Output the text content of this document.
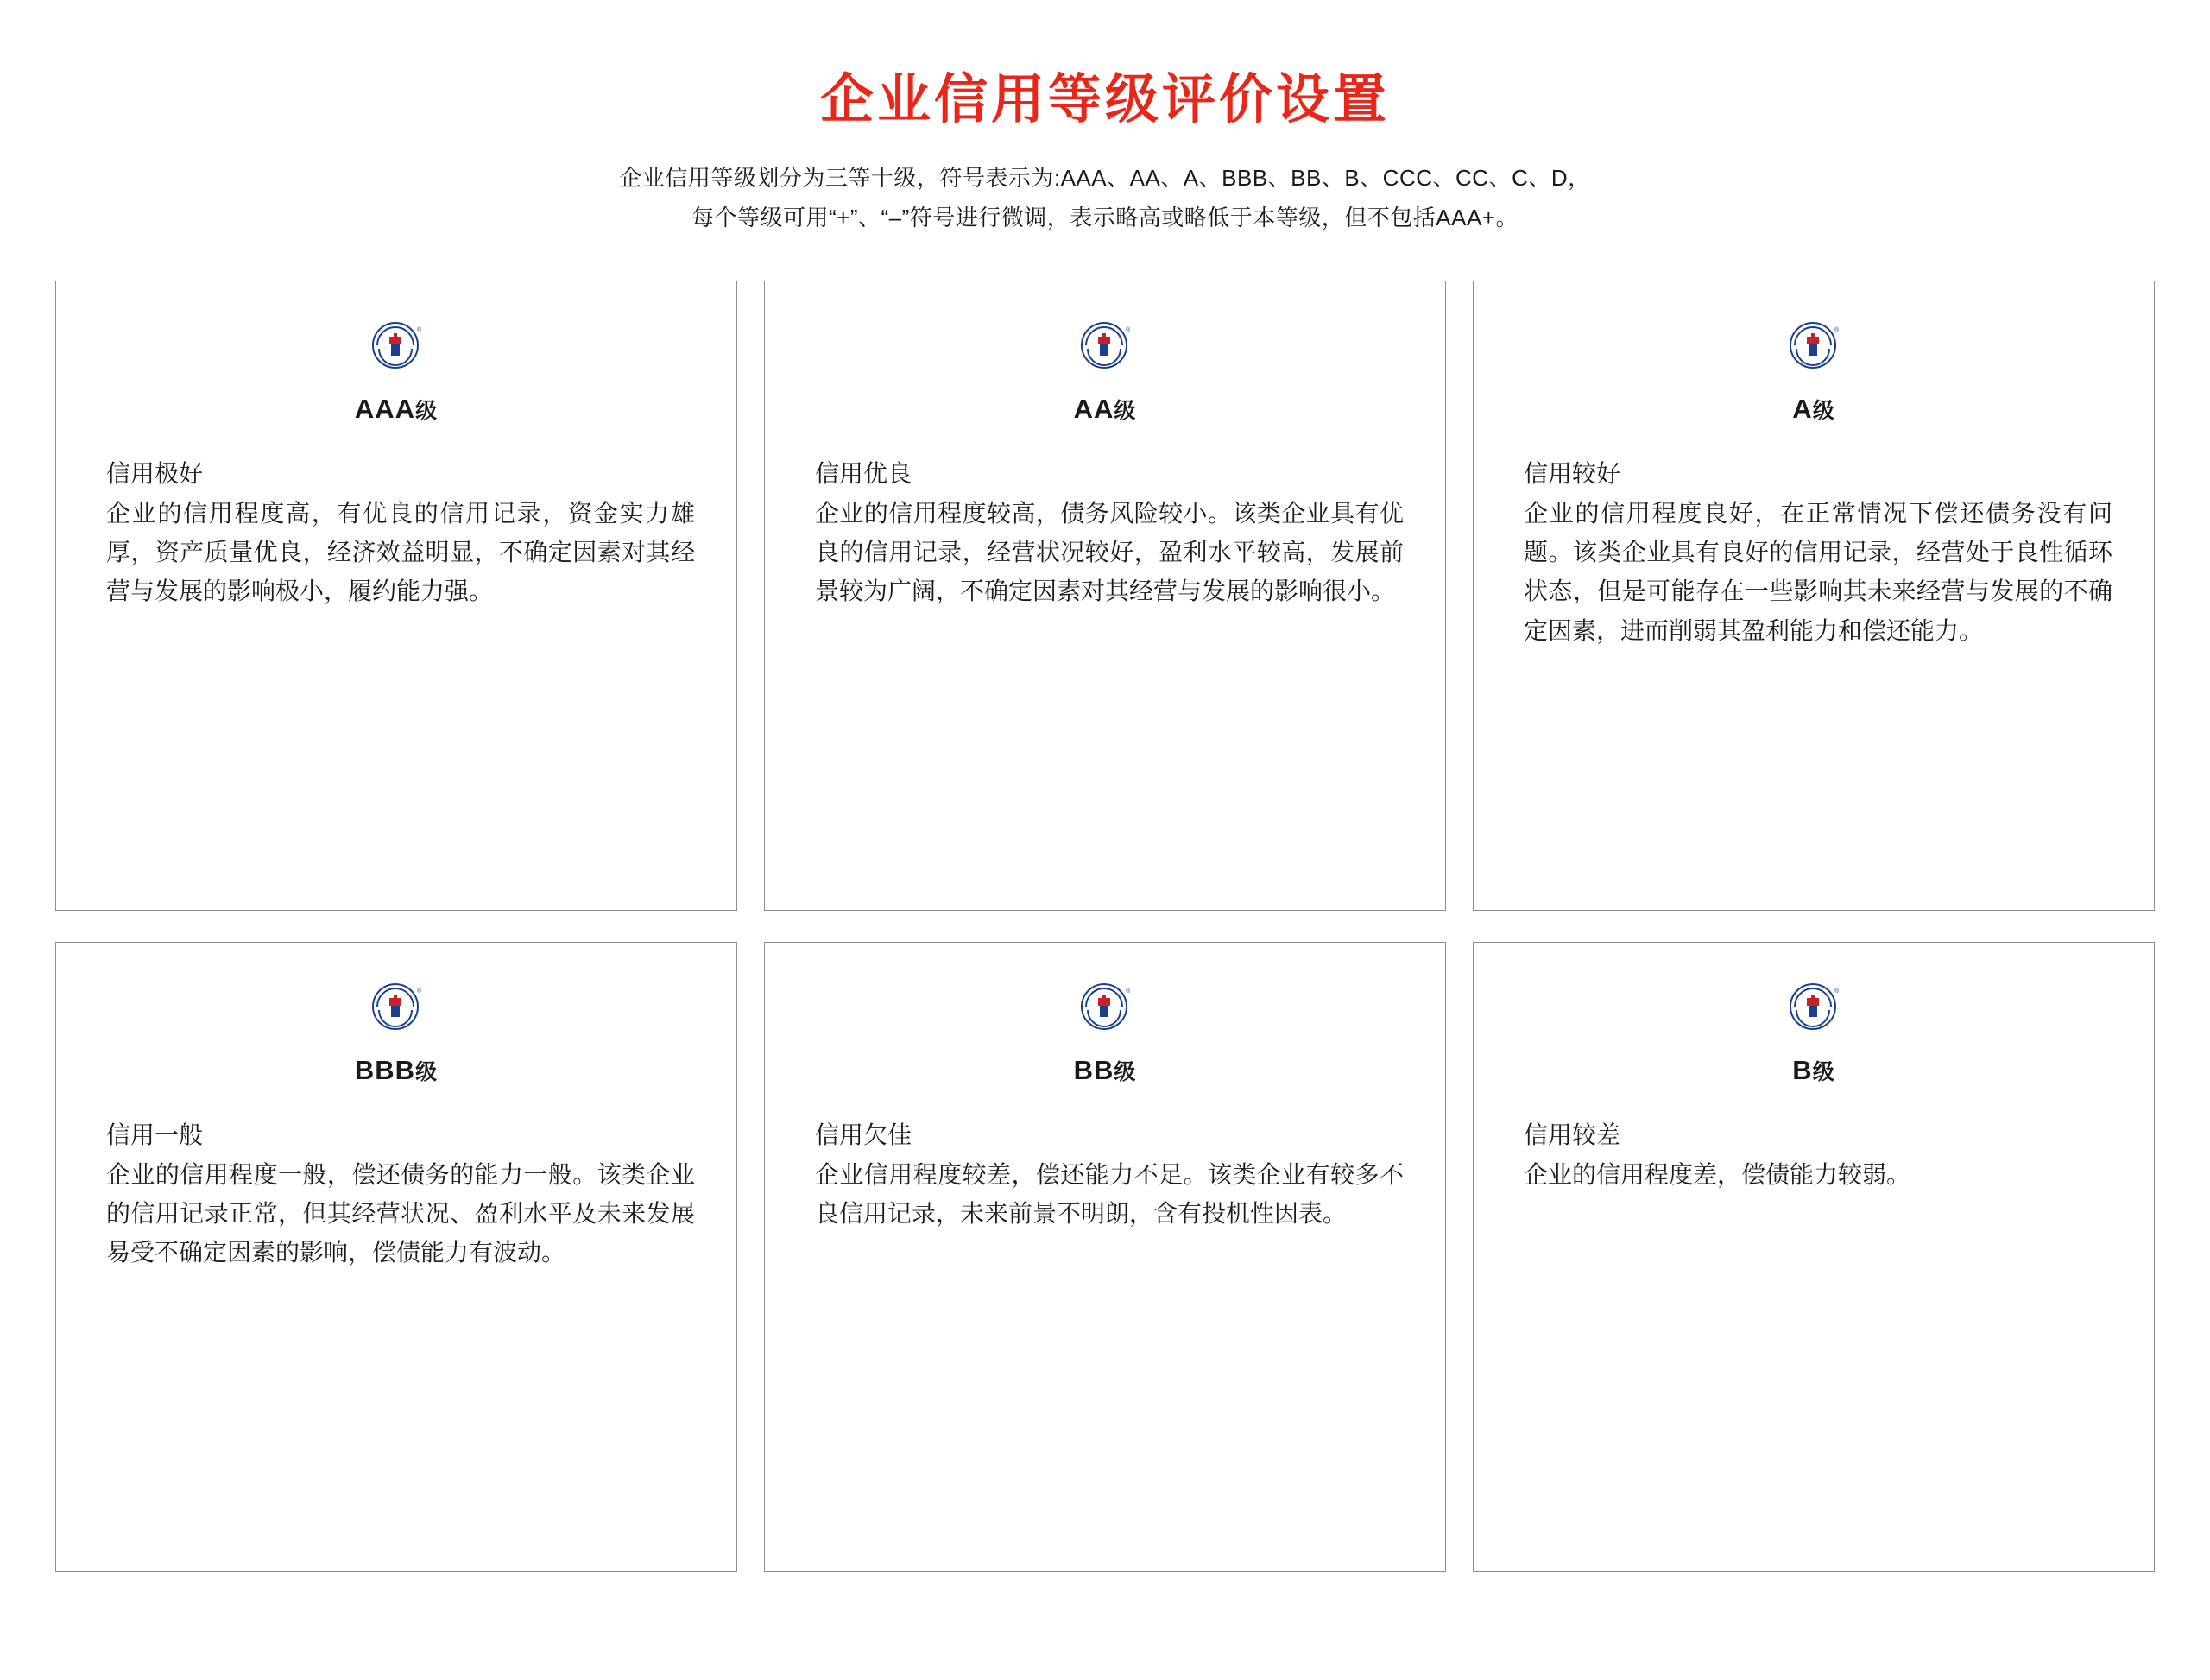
企业信用等级评价设置

企业信用等级划分为三等十级，符号表示为:AAA、AA、A、BBB、BB、B、CCC、CC、C、D，
每个等级可用“+”、“–”符号进行微调，表示略高或略低于本等级，但不包括AAA+。

®
AAA级

信用极好

企业的信用程度高，有优良的信用记录，资金实力雄厚，资产质量优良，经济效益明显，不确定因素对其经营与发展的影响极小，履约能力强。

®
AA级

信用优良

企业的信用程度较高，债务风险较小。该类企业具有优良的信用记录，经营状况较好，盈利水平较高，发展前景较为广阔，不确定因素对其经营与发展的影响很小。

®
A级

信用较好

企业的信用程度良好，在正常情况下偿还债务没有问题。该类企业具有良好的信用记录，经营处于良性循环状态，但是可能存在一些影响其未来经营与发展的不确定因素，进而削弱其盈利能力和偿还能力。

®
BBB级

信用一般

企业的信用程度一般，偿还债务的能力一般。该类企业的信用记录正常，但其经营状况、盈利水平及未来发展易受不确定因素的影响，偿债能力有波动。

®
BB级

信用欠佳

企业信用程度较差，偿还能力不足。该类企业有较多不良信用记录，未来前景不明朗，含有投机性因表。

®
B级

信用较差

企业的信用程度差，偿债能力较弱。
